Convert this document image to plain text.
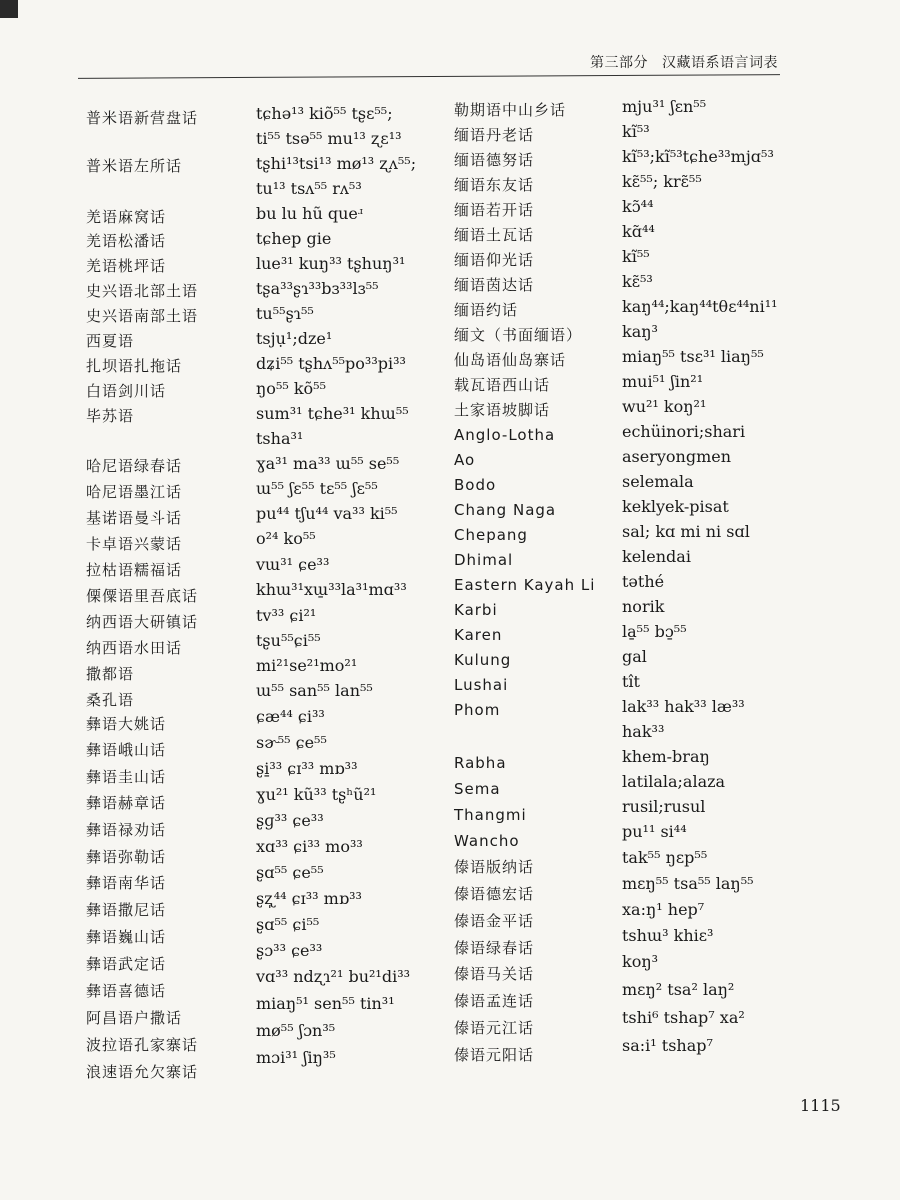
第三部分 汉藏语系语言词表
普米语新营盘话
普米语左所话
羌语麻窝话
羌语松潘话
羌语桃坪话
史兴语北部土语
史兴语南部土语
西夏语
扎坝语扎拖话
白语剑川话
毕苏语
哈尼语绿春话
哈尼语墨江话
基诺语曼斗话
卡卓语兴蒙话
拉枯语糯福话
傈僳语里吾底话
纳西语大研镇话
纳西语水田话
撒都语
桑孔语
彝语大姚话
彝语峨山话
彝语圭山话
彝语赫章话
彝语禄劝话
彝语弥勒话
彝语南华话
彝语撒尼话
彝语巍山话
彝语武定话
彝语喜德话
阿昌语户撒话
波拉语孔家寨话
浪速语允欠寨话
tɕhə¹³ kiõ⁵⁵ tʂɛ⁵⁵;
ti⁵⁵ tsə⁵⁵ mu¹³ ʐɛ¹³
tʂhi¹³tsi¹³ mø¹³ ʐʌ⁵⁵;
tu¹³ tsʌ⁵⁵ rʌ⁵³
bu lu hũ queʴ
tɕhep gie
lue³¹ kuŋ³³ tʂhuŋ³¹
tʂa³³ʂɿ³³bɜ³³lɜ⁵⁵
tu⁵⁵ʂɿ⁵⁵
tsjụ¹;dze¹
dʑi⁵⁵ tʂhʌ⁵⁵po³³pi³³
ŋo⁵⁵ kõ⁵⁵
sum³¹ tɕhe³¹ khɯ⁵⁵
tsha³¹
ɣa³¹ ma³³ ɯ⁵⁵ se⁵⁵
ɯ⁵⁵ ʃɛ⁵⁵ tɛ⁵⁵ ʃɛ⁵⁵
pu⁴⁴ tʃu⁴⁴ va³³ ki⁵⁵
o²⁴ ko⁵⁵
vɯ³¹ ɕe³³
khɯ³¹xɯ̱³³la³¹mɑ³³
tv³³ ɕi²¹
tʂu⁵⁵ɕi⁵⁵
mi²¹se²¹mo²¹
ɯ⁵⁵ san⁵⁵ lan⁵⁵
ɕæ⁴⁴ ɕi³³
sɚ⁵⁵ ɕe⁵⁵
ʂi̱³³ ɕɪ³³ mɒ³³
ɣu²¹ kũ³³ tʂʰũ²¹
ʂɡ³³ ɕe³³
xɑ³³ ɕi³³ mo³³
ʂɑ⁵⁵ ɕe⁵⁵
ʂʐ̩⁴⁴ ɕɪ³³ mɒ³³
ʂɑ⁵⁵ ɕi⁵⁵
ʂɔ³³ ɕe³³
vɑ³³ ndʐɿ²¹ bu²¹di³³
miaŋ⁵¹ sen⁵⁵ tin³¹
mø⁵⁵ ʃɔn³⁵
mɔi³¹ ʃiŋ³⁵
勒期语中山乡话
缅语丹老话
缅语德努话
缅语东友话
缅语若开话
缅语土瓦话
缅语仰光话
缅语茵达话
缅语约话
缅文（书面缅语）
仙岛语仙岛寨话
载瓦语西山话
土家语坡脚话
Anglo-Lotha
Ao
Bodo
Chang Naga
Chepang
Dhimal
Eastern Kayah Li
Karbi
Karen
Kulung
Lushai
Phom
Rabha
Sema
Thangmi
Wancho
傣语版纳话
傣语德宏话
傣语金平话
傣语绿春话
傣语马关话
傣语孟连话
傣语元江话
傣语元阳话
mju³¹ ʃɛn⁵⁵
kĩ⁵³
kĩ⁵³;kĩ⁵³tɕhe³³mjɑ⁵³
kɛ̃⁵⁵; krɛ̃⁵⁵
kɔ̃⁴⁴
kɑ̃⁴⁴
kĩ⁵⁵
kɛ̃⁵³
kaŋ⁴⁴;kaŋ⁴⁴tθɛ⁴⁴ni¹¹
kaŋ³
miaŋ⁵⁵ tsɛ³¹ liaŋ⁵⁵
mui⁵¹ ʃin²¹
wu²¹ koŋ²¹
echüinori;shari
aseryongmen
selemala
keklyek-pisat
sal; kɑ mi ni sɑl
kelendai
təthé
norik
la̱⁵⁵ bɔ̱⁵⁵
gal
tît
lak³³ hak³³ læ³³
hak³³
khem-braŋ
latilala;alaza
rusil;rusul
pu¹¹ si⁴⁴
tak⁵⁵ ŋɛp⁵⁵
mɛŋ⁵⁵ tsa⁵⁵ laŋ⁵⁵
xa:ŋ¹ hep⁷
tshɯ³ khiɛ³
koŋ³
mɛŋ² tsa² laŋ²
tshi⁶ tshap⁷ xa²
sa:i¹ tshap⁷
1115
